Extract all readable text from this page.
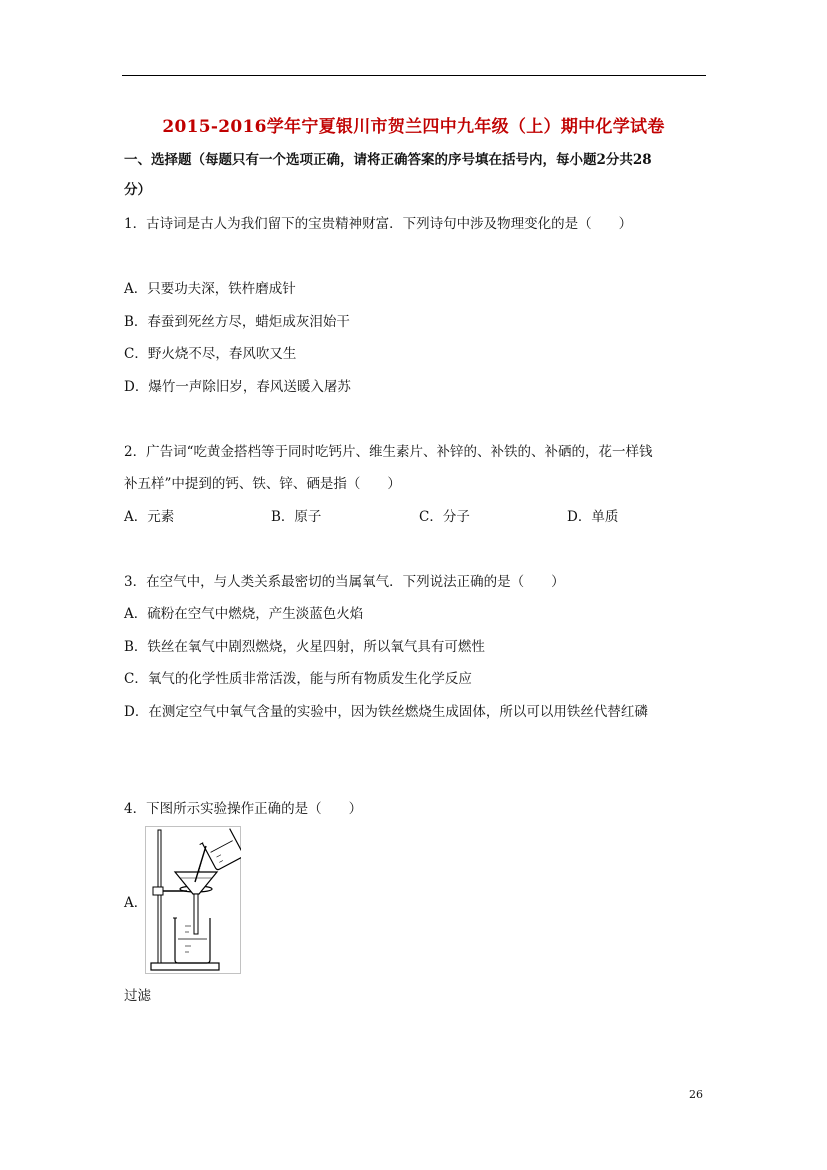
2015-2016学年宁夏银川市贺兰四中九年级（上）期中化学试卷
一、选择题（每题只有一个选项正确，请将正确答案的序号填在括号内，每小题2分共28
分）
1．古诗词是古人为我们留下的宝贵精神财富．下列诗句中涉及物理变化的是（　　）
A．只要功夫深，铁杵磨成针
B．春蚕到死丝方尽，蜡炬成灰泪始干
C．野火烧不尽，春风吹又生
D．爆竹一声除旧岁，春风送暖入屠苏
2．广告词“吃黄金搭档等于同时吃钙片、维生素片、补锌的、补铁的、补硒的，花一样钱
补五样”中提到的钙、铁、锌、硒是指（　　）
A．元素	B．原子	C．分子	D．单质
3．在空气中，与人类关系最密切的当属氧气．下列说法正确的是（　　）
A．硫粉在空气中燃烧，产生淡蓝色火焰
B．铁丝在氧气中剧烈燃烧，火星四射，所以氧气具有可燃性
C．氧气的化学性质非常活泼，能与所有物质发生化学反应
D．在测定空气中氧气含量的实验中，因为铁丝燃烧生成固体，所以可以用铁丝代替红磷
4．下图所示实验操作正确的是（　　）
A．
过滤
26
